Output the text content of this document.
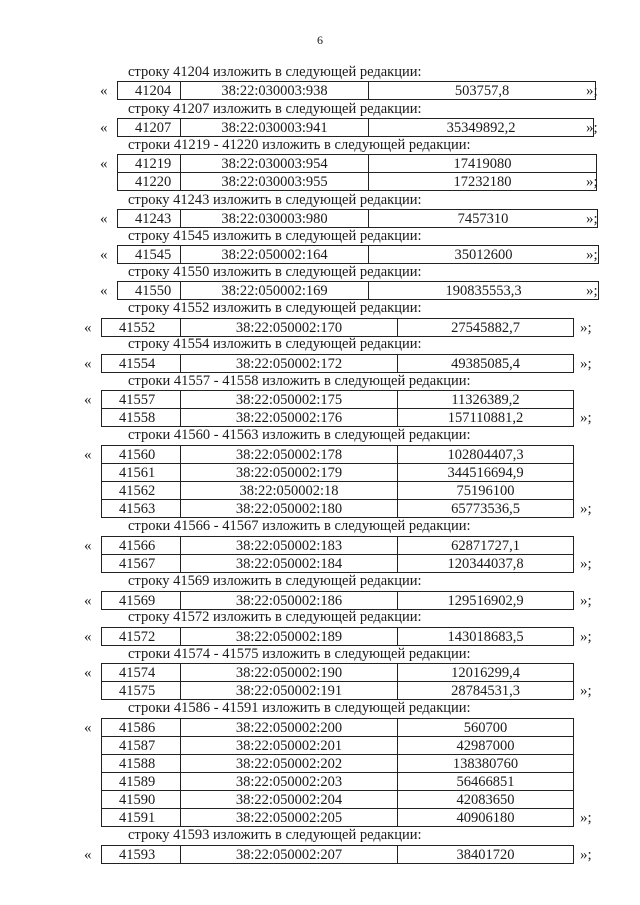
6
строку 41204 изложить в следующей редакции:
« 41204	38:22:030003:938	503757,8	»;
строку 41207 изложить в следующей редакции:
« 41207	38:22:030003:941	35349892,2	»;
строки 41219 - 41220 изложить в следующей редакции:
« 41219	38:22:030003:954	17419080
41220	38:22:030003:955	17232180	»;
строку 41243 изложить в следующей редакции:
« 41243	38:22:030003:980	7457310	»;
строку 41545 изложить в следующей редакции:
« 41545	38:22:050002:164	35012600	»;
строку 41550 изложить в следующей редакции:
« 41550	38:22:050002:169	190835553,3	»;
строку 41552 изложить в следующей редакции:
« 41552	38:22:050002:170	27545882,7	»;
строку 41554 изложить в следующей редакции:
« 41554	38:22:050002:172	49385085,4	»;
строки 41557 - 41558 изложить в следующей редакции:
« 41557	38:22:050002:175	11326389,2
41558	38:22:050002:176	157110881,2	»;
строки 41560 - 41563 изложить в следующей редакции:
« 41560	38:22:050002:178	102804407,3
41561	38:22:050002:179	344516694,9
41562	38:22:050002:18	75196100
41563	38:22:050002:180	65773536,5	»;
строки 41566 - 41567 изложить в следующей редакции:
« 41566	38:22:050002:183	62871727,1
41567	38:22:050002:184	120344037,8	»;
строку 41569 изложить в следующей редакции:
« 41569	38:22:050002:186	129516902,9	»;
строку 41572 изложить в следующей редакции:
« 41572	38:22:050002:189	143018683,5	»;
строки 41574 - 41575 изложить в следующей редакции:
« 41574	38:22:050002:190	12016299,4
41575	38:22:050002:191	28784531,3	»;
строки 41586 - 41591 изложить в следующей редакции:
« 41586	38:22:050002:200	560700
41587	38:22:050002:201	42987000
41588	38:22:050002:202	138380760
41589	38:22:050002:203	56466851
41590	38:22:050002:204	42083650
41591	38:22:050002:205	40906180	»;
строку 41593 изложить в следующей редакции:
« 41593	38:22:050002:207	38401720	»;
